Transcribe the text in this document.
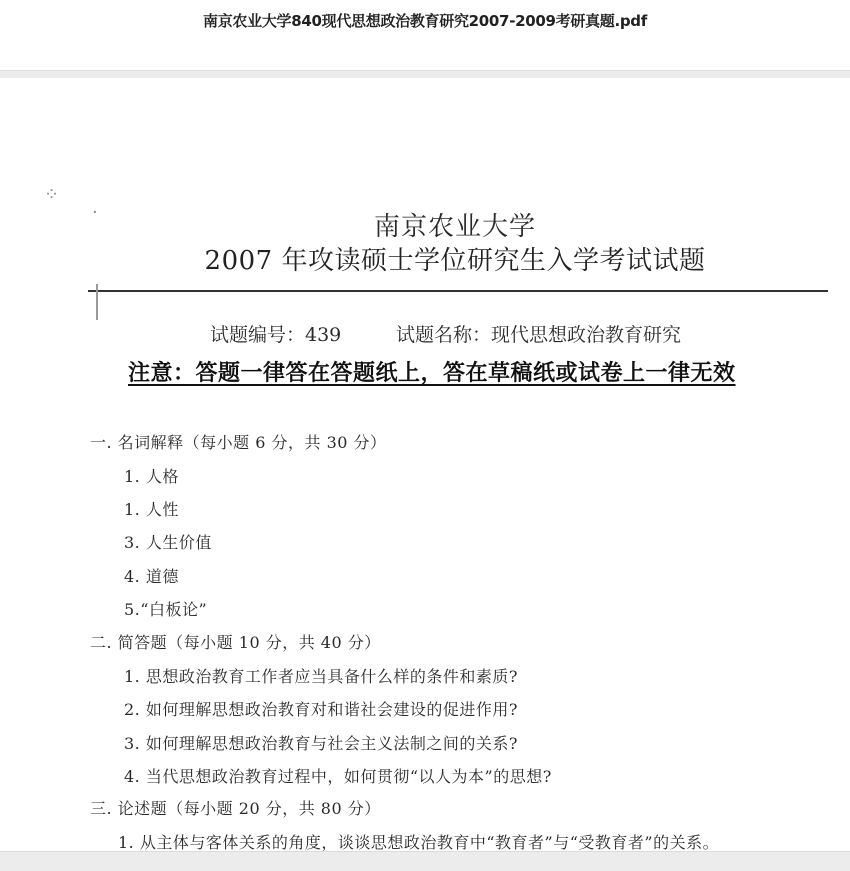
南京农业大学840现代思想政治教育研究2007-2009考研真题.pdf
⁘
·	南京农业大学
2007 年攻读硕士学位研究生入学考试试题
试题编号：439	试题名称：现代思想政治教育研究
注意：答题一律答在答题纸上，答在草稿纸或试卷上一律无效
一. 名词解释（每小题 6 分，共 30 分）
1. 人格
1. 人性
3. 人生价值
4. 道德
5.“白板论”
二. 简答题（每小题 10 分，共 40 分）
1. 思想政治教育工作者应当具备什么样的条件和素质?
2. 如何理解思想政治教育对和谐社会建设的促进作用?
3. 如何理解思想政治教育与社会主义法制之间的关系?
4. 当代思想政治教育过程中，如何贯彻“以人为本”的思想?
三. 论述题（每小题 20 分，共 80 分）
1. 从主体与客体关系的角度，谈谈思想政治教育中“教育者”与“受教育者”的关系。
